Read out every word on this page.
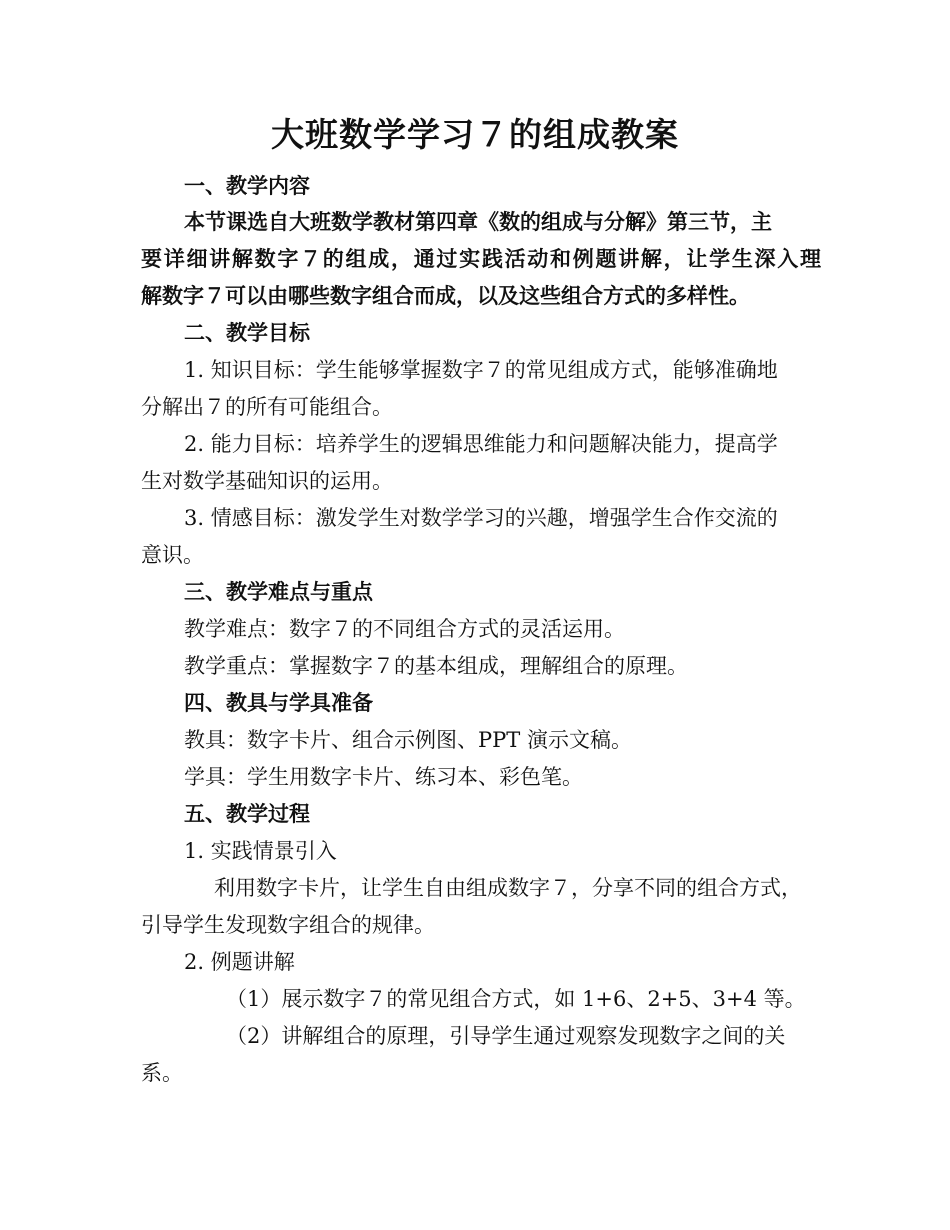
大班数学学习７的组成教案
一、教学内容
本节课选自大班数学教材第四章《数的组成与分解》第三节，主
要详细讲解数字７的组成，通过实践活动和例题讲解，让学生深入理
解数字７可以由哪些数字组合而成，以及这些组合方式的多样性。
二、教学目标
1. 知识目标：学生能够掌握数字７的常见组成方式，能够准确地
分解出７的所有可能组合。
2. 能力目标：培养学生的逻辑思维能力和问题解决能力，提高学
生对数学基础知识的运用。
3. 情感目标：激发学生对数学学习的兴趣，增强学生合作交流的
意识。
三、教学难点与重点
教学难点：数字７的不同组合方式的灵活运用。
教学重点：掌握数字７的基本组成，理解组合的原理。
四、教具与学具准备
教具：数字卡片、组合示例图、PPT 演示文稿。
学具：学生用数字卡片、练习本、彩色笔。
五、教学过程
1. 实践情景引入
利用数字卡片，让学生自由组成数字７，分享不同的组合方式，
引导学生发现数字组合的规律。
2. 例题讲解
（1）展示数字７的常见组合方式，如 1+6、2+5、3+4 等。
（2）讲解组合的原理，引导学生通过观察发现数字之间的关
系。
